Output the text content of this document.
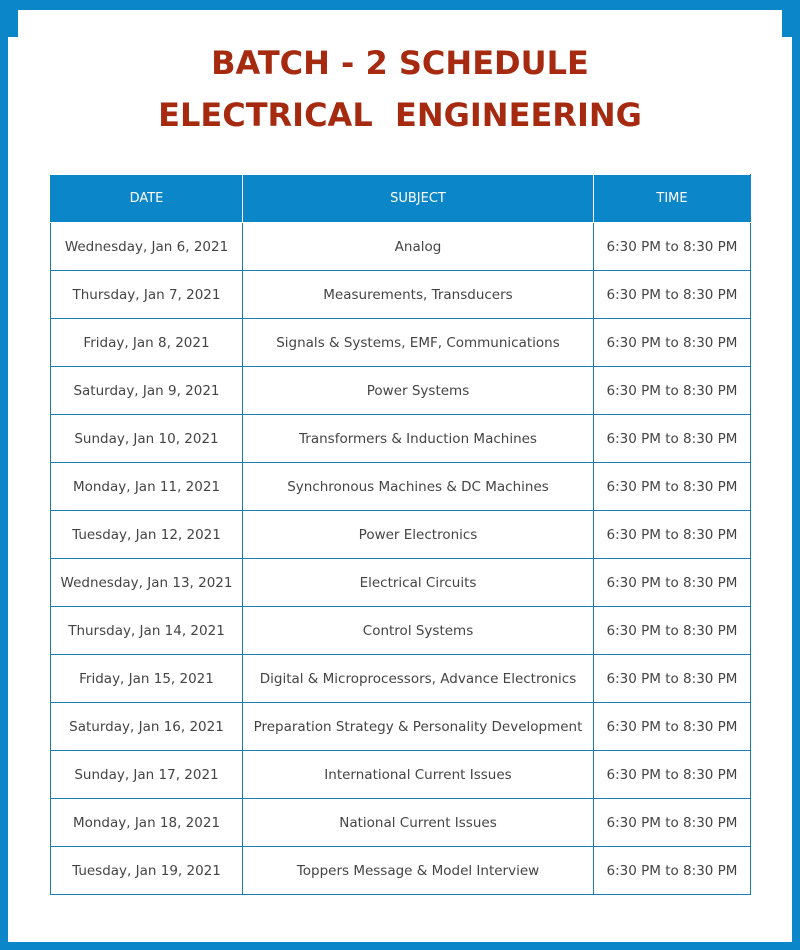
BATCH - 2 SCHEDULE
ELECTRICAL  ENGINEERING
DATE	SUBJECT	TIME
Wednesday, Jan 6, 2021	Analog	6:30 PM to 8:30 PM
Thursday, Jan 7, 2021	Measurements, Transducers	6:30 PM to 8:30 PM
Friday, Jan 8, 2021	Signals & Systems, EMF, Communications	6:30 PM to 8:30 PM
Saturday, Jan 9, 2021	Power Systems	6:30 PM to 8:30 PM
Sunday, Jan 10, 2021	Transformers & Induction Machines	6:30 PM to 8:30 PM
Monday, Jan 11, 2021	Synchronous Machines & DC Machines	6:30 PM to 8:30 PM
Tuesday, Jan 12, 2021	Power Electronics	6:30 PM to 8:30 PM
Wednesday, Jan 13, 2021	Electrical Circuits	6:30 PM to 8:30 PM
Thursday, Jan 14, 2021	Control Systems	6:30 PM to 8:30 PM
Friday, Jan 15, 2021	Digital & Microprocessors, Advance Electronics	6:30 PM to 8:30 PM
Saturday, Jan 16, 2021	Preparation Strategy & Personality Development	6:30 PM to 8:30 PM
Sunday, Jan 17, 2021	International Current Issues	6:30 PM to 8:30 PM
Monday, Jan 18, 2021	National Current Issues	6:30 PM to 8:30 PM
Tuesday, Jan 19, 2021	Toppers Message & Model Interview	6:30 PM to 8:30 PM
